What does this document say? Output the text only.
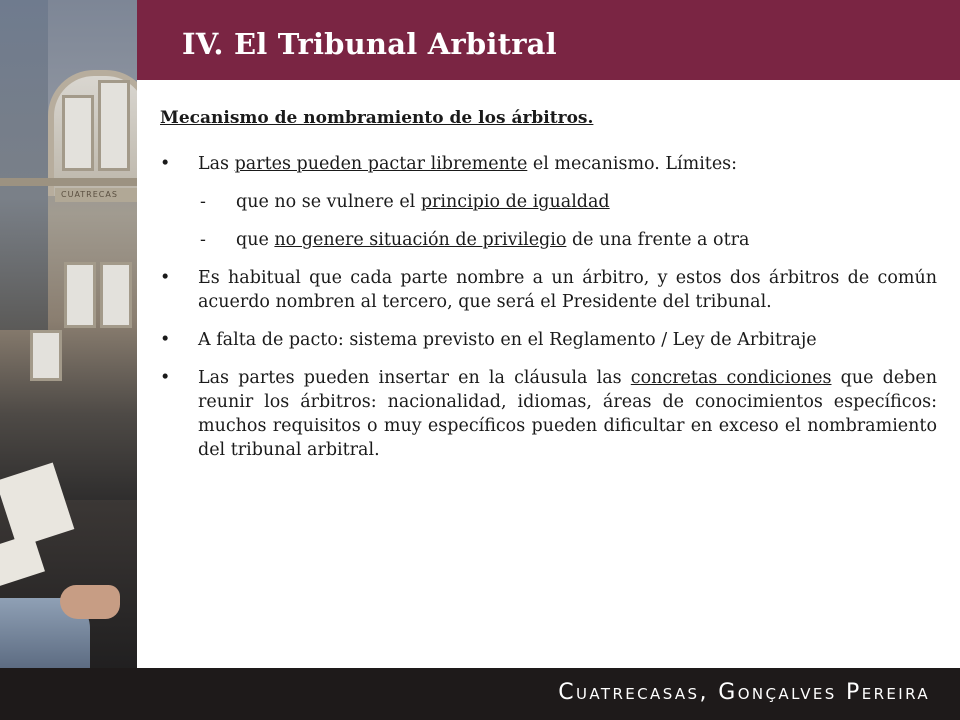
CUATRECAS
IV. El Tribunal Arbitral
Mecanismo de nombramiento de los árbitros.
• Las partes pueden pactar libremente el mecanismo. Límites:
- que no se vulnere el principio de igualdad
- que no genere situación de privilegio de una frente a otra
• Es habitual que cada parte nombre a un árbitro, y estos dos árbitros de común acuerdo nombren al tercero, que será el Presidente del tribunal.
• A falta de pacto: sistema previsto en el Reglamento / Ley de Arbitraje
• Las partes pueden insertar en la cláusula las concretas condiciones que deben reunir los árbitros: nacionalidad, idiomas, áreas de conocimientos específicos: muchos requisitos o muy específicos pueden dificultar en exceso el nombramiento del tribunal arbitral.
Cuatrecasas, Gonçalves Pereira
